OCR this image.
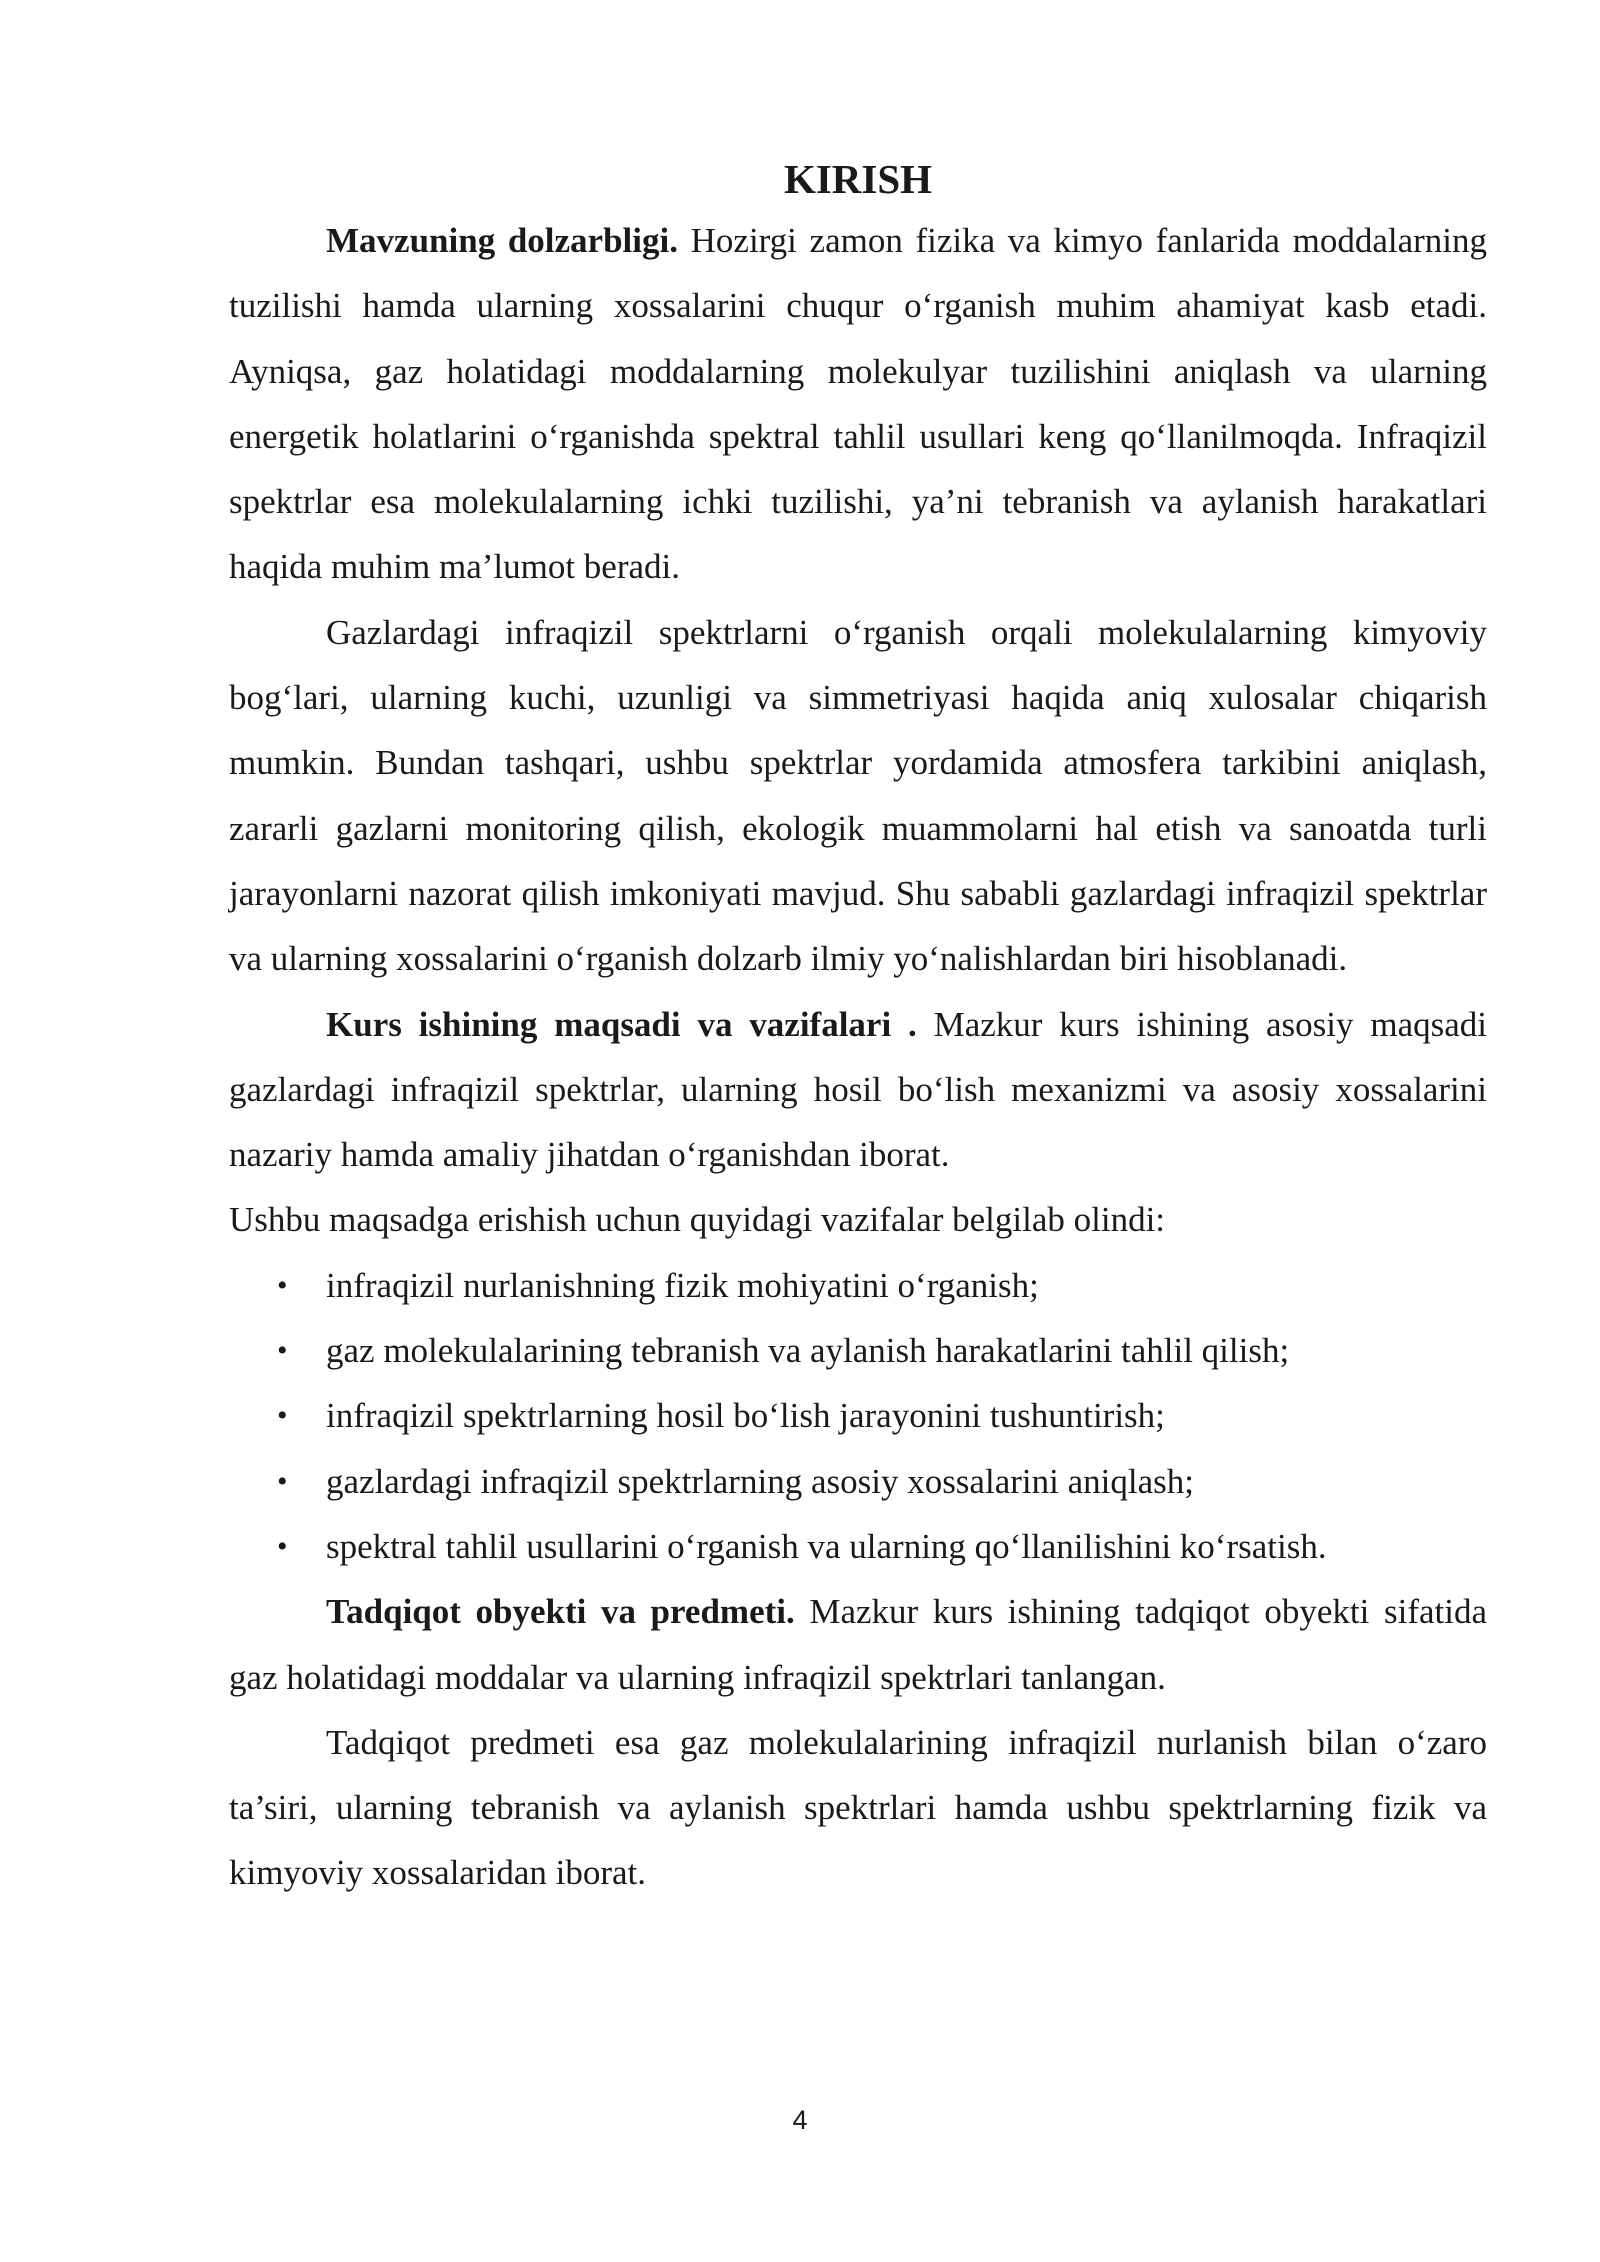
KIRISH

Mavzuning dolzarbligi. Hozirgi zamon fizika va kimyo fanlarida moddalarning tuzilishi hamda ularning xossalarini chuqur o‘rganish muhim ahamiyat kasb etadi. Ayniqsa, gaz holatidagi moddalarning molekulyar tuzilishini aniqlash va ularning energetik holatlarini o‘rganishda spektral tahlil usullari keng qo‘llanilmoqda. Infraqizil spektrlar esa molekulalarning ichki tuzilishi, ya’ni tebranish va aylanish harakatlari haqida muhim ma’lumot beradi.

Gazlardagi infraqizil spektrlarni o‘rganish orqali molekulalarning kimyoviy bog‘lari, ularning kuchi, uzunligi va simmetriyasi haqida aniq xulosalar chiqarish mumkin. Bundan tashqari, ushbu spektrlar yordamida atmosfera tarkibini aniqlash, zararli gazlarni monitoring qilish, ekologik muammolarni hal etish va sanoatda turli jarayonlarni nazorat qilish imkoniyati mavjud. Shu sababli gazlardagi infraqizil spektrlar va ularning xossalarini o‘rganish dolzarb ilmiy yo‘nalishlardan biri hisoblanadi.

Kurs ishining maqsadi va vazifalari . Mazkur kurs ishining asosiy maqsadi gazlardagi infraqizil spektrlar, ularning hosil bo‘lish mexanizmi va asosiy xossalarini nazariy hamda amaliy jihatdan o‘rganishdan iborat.

Ushbu maqsadga erishish uchun quyidagi vazifalar belgilab olindi:

• infraqizil nurlanishning fizik mohiyatini o‘rganish;
• gaz molekulalarining tebranish va aylanish harakatlarini tahlil qilish;
• infraqizil spektrlarning hosil bo‘lish jarayonini tushuntirish;
• gazlardagi infraqizil spektrlarning asosiy xossalarini aniqlash;
• spektral tahlil usullarini o‘rganish va ularning qo‘llanilishini ko‘rsatish.

Tadqiqot obyekti va predmeti. Mazkur kurs ishining tadqiqot obyekti sifatida gaz holatidagi moddalar va ularning infraqizil spektrlari tanlangan.

Tadqiqot predmeti esa gaz molekulalarining infraqizil nurlanish bilan o‘zaro ta’siri, ularning tebranish va aylanish spektrlari hamda ushbu spektrlarning fizik va kimyoviy xossalaridan iborat.

4
